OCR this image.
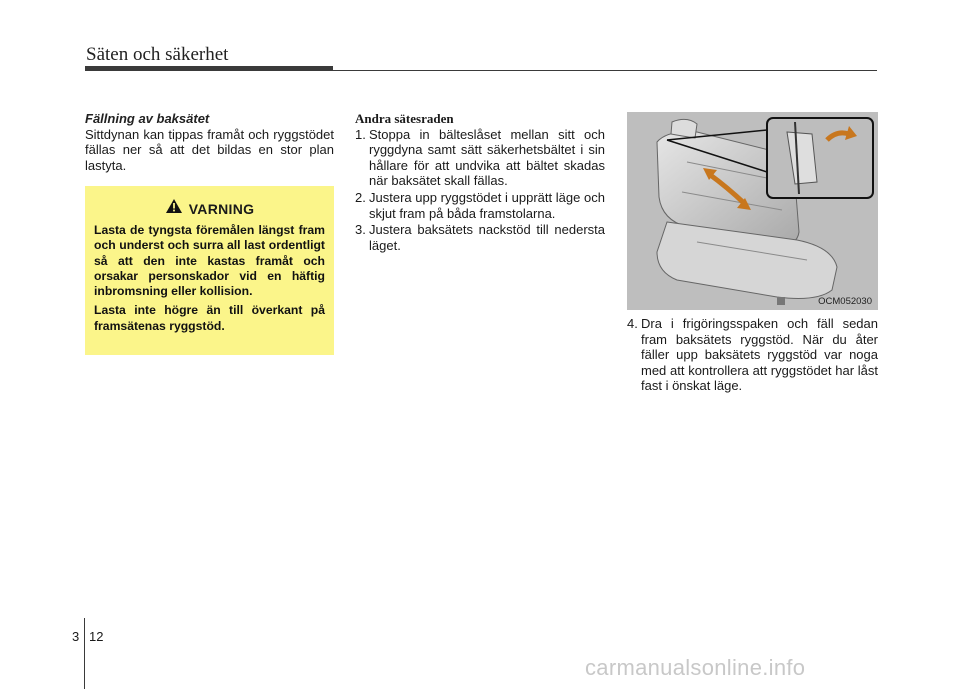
Säten och säkerhet
Fällning av baksätet
Sittdynan kan tippas framåt och ryggstödet fällas ner så att det bildas en stor plan lastyta.
VARNING
Lasta de tyngsta föremålen längst fram och underst och surra all last ordentligt så att den inte kastas framåt och orsakar personskador vid en häftig inbromsning eller kollision.
Lasta inte högre än till överkant på framsätenas ryggstöd.
Andra sätesraden
1. Stoppa in bälteslåset mellan sitt och ryggdyna samt sätt säkerhetsbältet i sin hållare för att undvika att bältet skadas när baksätet skall fällas.
2. Justera upp ryggstödet i upprätt läge och skjut fram på båda framstolarna.
3. Justera baksätets nackstöd till nedersta läget.
OCM052030
4. Dra i frigöringsspaken och fäll sedan fram baksätets ryggstöd. När du åter fäller upp baksätets ryggstöd var noga med att kontrollera att ryggstödet har låst fast i önskat läge.
3 12
carmanualsonline.info
